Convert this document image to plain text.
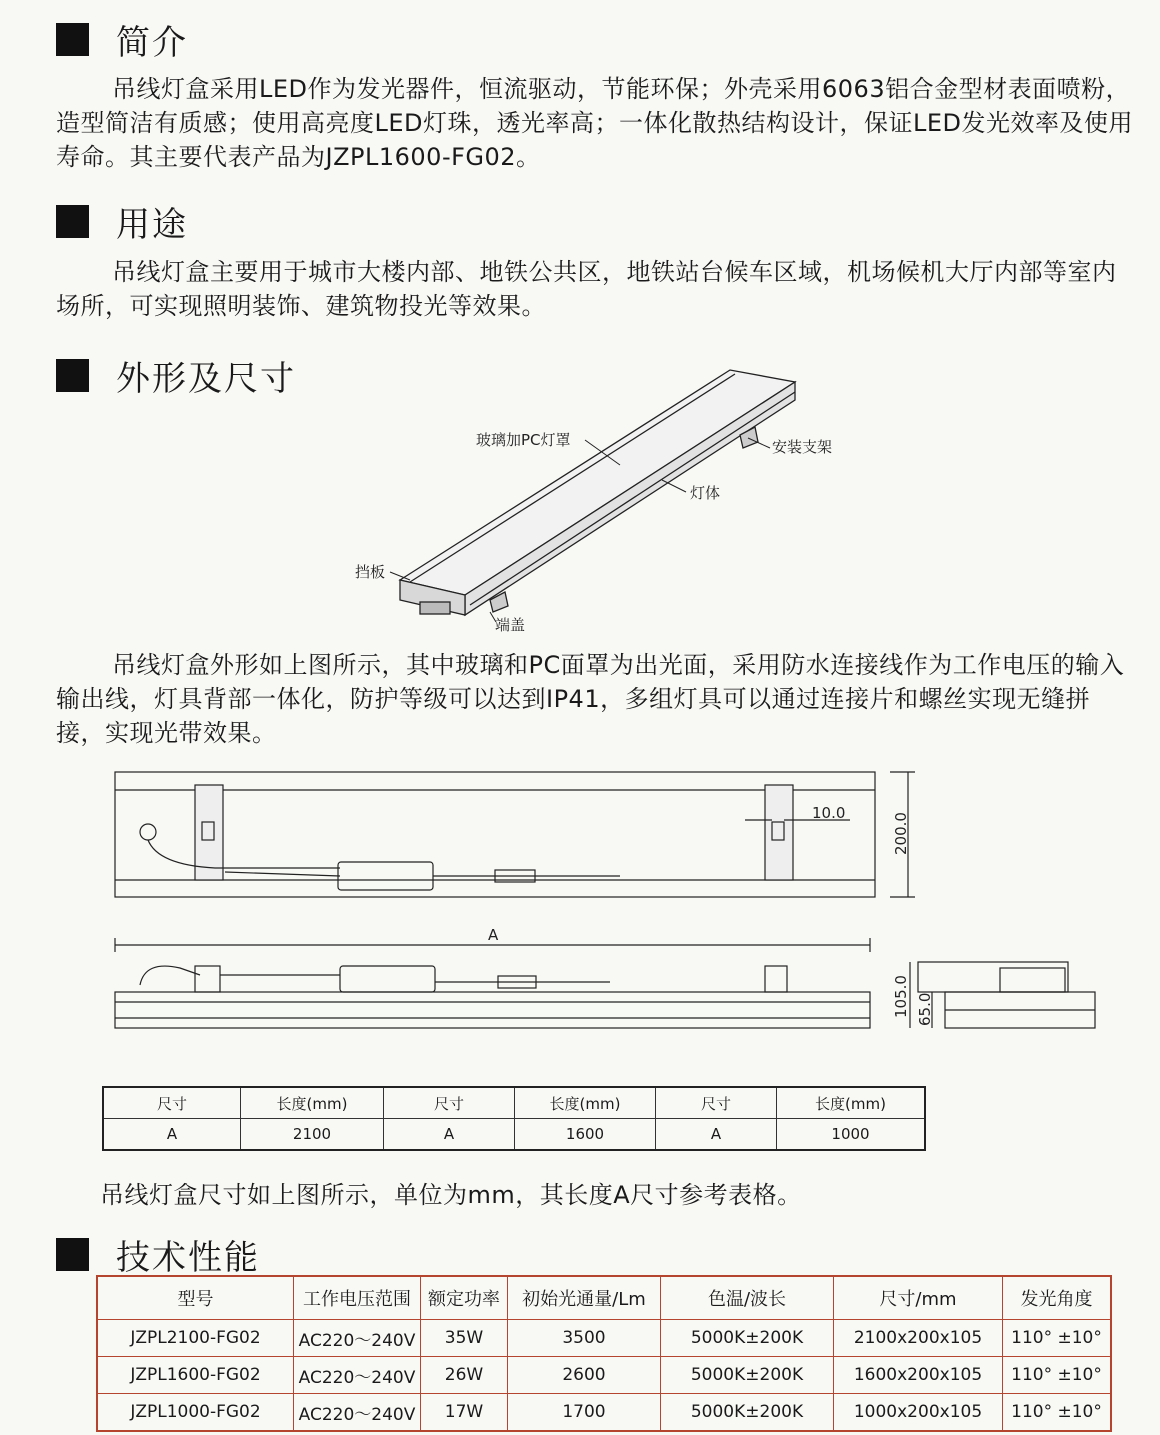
简介

吊线灯盒采用LED作为发光器件，恒流驱动，节能环保；外壳采用6063铝合金型材表面喷粉，造型简洁有质感；使用高亮度LED灯珠，透光率高；一体化散热结构设计，保证LED发光效率及使用寿命。其主要代表产品为JZPL1600-FG02。

用途

吊线灯盒主要用于城市大楼内部、地铁公共区，地铁站台候车区域，机场候机大厅内部等室内场所，可实现照明装饰、建筑物投光等效果。

外形及尺寸
玻璃加PC灯罩	安装支架
灯体
挡板
端盖

吊线灯盒外形如上图所示，其中玻璃和PC面罩为出光面，采用防水连接线作为工作电压的输入输出线，灯具背部一体化，防护等级可以达到IP41，多组灯具可以通过连接片和螺丝实现无缝拼接，实现光带效果。

10.0	200.0
A
105.0 65.0
尺寸	长度(mm)	尺寸	长度(mm)	尺寸	长度(mm)
A	2100	A	1600	A	1000

吊线灯盒尺寸如上图所示，单位为mm，其长度A尺寸参考表格。

技术性能
型号	工作电压范围	额定功率	初始光通量/Lm	色温/波长	尺寸/mm	发光角度
JZPL2100-FG02	AC220～240V	35W	3500	5000K±200K	2100x200x105	110° ±10°
JZPL1600-FG02	AC220～240V	26W	2600	5000K±200K	1600x200x105	110° ±10°
JZPL1000-FG02	AC220～240V	17W	1700	5000K±200K	1000x200x105	110° ±10°
